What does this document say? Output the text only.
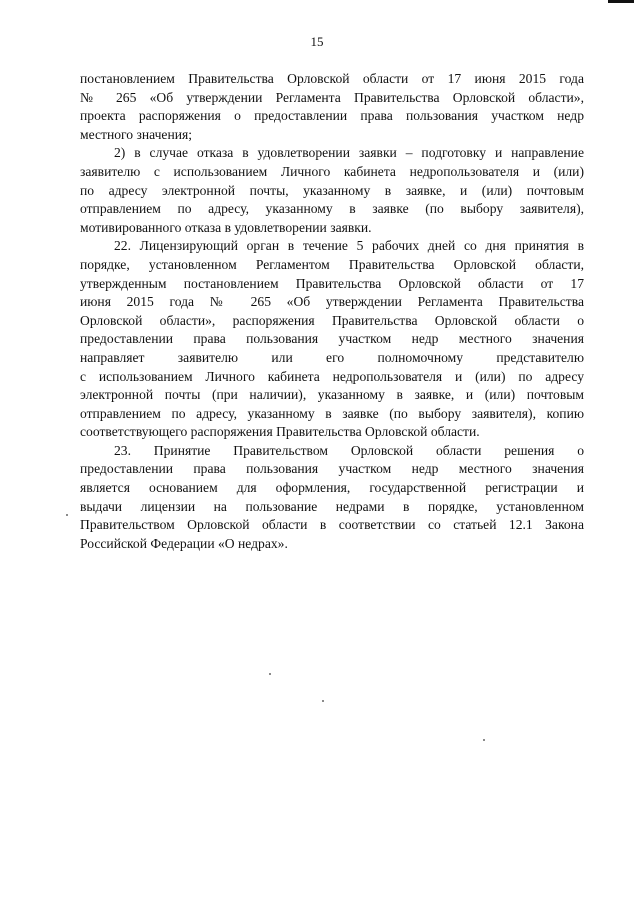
15
постановлением Правительства Орловской области от 17 июня 2015 года
№ 265 «Об утверждении Регламента Правительства Орловской области»,
проекта распоряжения о предоставлении права пользования участком недр
местного значения;
2) в случае отказа в удовлетворении заявки – подготовку и направление
заявителю с использованием Личного кабинета недропользователя и (или)
по адресу электронной почты, указанному в заявке, и (или) почтовым
отправлением по адресу, указанному в заявке (по выбору заявителя),
мотивированного отказа в удовлетворении заявки.
22. Лицензирующий орган в течение 5 рабочих дней со дня принятия в
порядке, установленном Регламентом Правительства Орловской области,
утвержденным постановлением Правительства Орловской области от 17
июня 2015 года № 265 «Об утверждении Регламента Правительства
Орловской области», распоряжения Правительства Орловской области о
предоставлении права пользования участком недр местного значения
направляет заявителю или его полномочному представителю
с использованием Личного кабинета недропользователя и (или) по адресу
электронной почты (при наличии), указанному в заявке, и (или) почтовым
отправлением по адресу, указанному в заявке (по выбору заявителя), копию
соответствующего распоряжения Правительства Орловской области.
23. Принятие Правительством Орловской области решения о
предоставлении права пользования участком недр местного значения
является основанием для оформления, государственной регистрации и
выдачи лицензии на пользование недрами в порядке, установленном
Правительством Орловской области в соответствии со статьей 12.1 Закона
Российской Федерации «О недрах».
